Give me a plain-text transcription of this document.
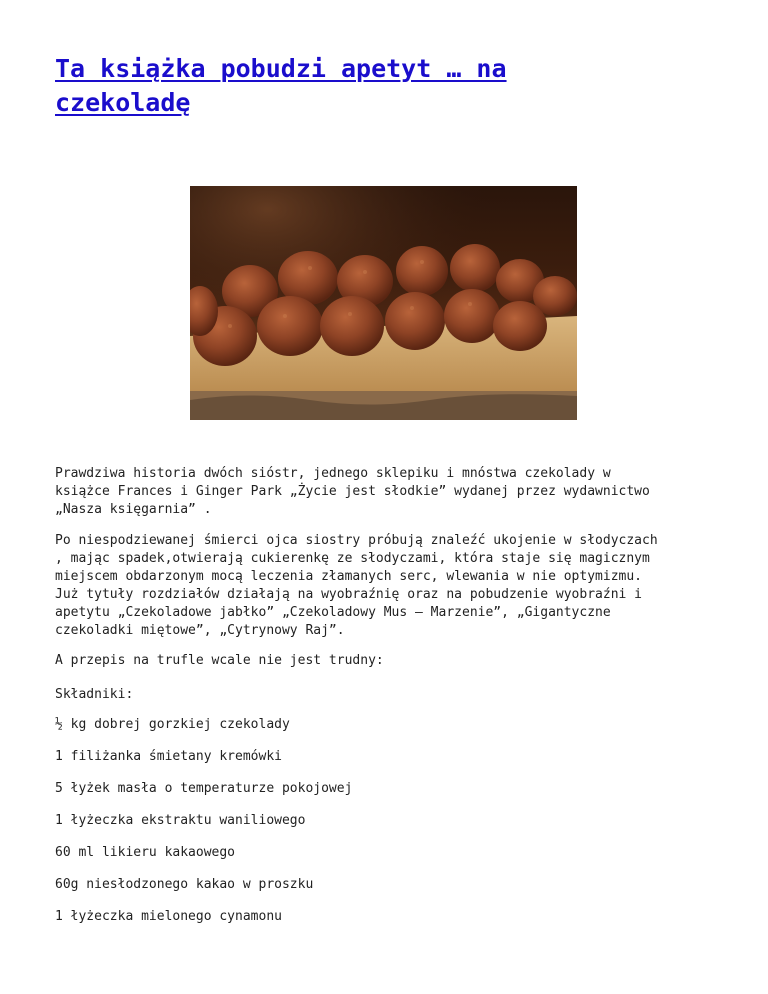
Ta książka pobudzi apetyt … na
czekoladę

Prawdziwa historia dwóch sióstr, jednego sklepiku i mnóstwa czekolady w
książce Frances i Ginger Park „Życie jest słodkie” wydanej przez wydawnictwo
„Nasza księgarnia” .

Po niespodziewanej śmierci ojca siostry próbują znaleźć ukojenie w słodyczach
, mając spadek,otwierają cukierenkę ze słodyczami, która staje się magicznym
miejscem obdarzonym mocą leczenia złamanych serc, wlewania w nie optymizmu.
Już tytuły rozdziałów działają na wyobraźnię oraz na pobudzenie wyobraźni i
apetytu „Czekoladowe jabłko” „Czekoladowy Mus – Marzenie”, „Gigantyczne
czekoladki miętowe”, „Cytrynowy Raj”.

A przepis na trufle wcale nie jest trudny:

Składniki:

½ kg dobrej gorzkiej czekolady

1 filiżanka śmietany kremówki

5 łyżek masła o temperaturze pokojowej

1 łyżeczka ekstraktu waniliowego

60 ml likieru kakaowego

60g niesłodzonego kakao w proszku

1 łyżeczka mielonego cynamonu
